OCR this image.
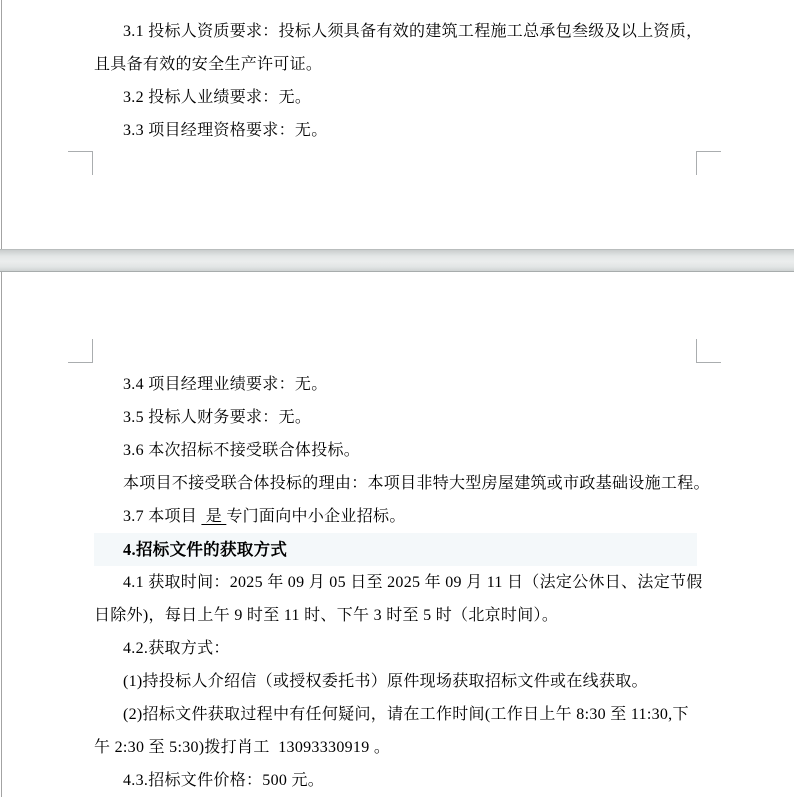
3.1 投标人资质要求：投标人须具备有效的建筑工程施工总承包叁级及以上资质，
且具备有效的安全生产许可证。
3.2 投标人业绩要求：无。
3.3 项目经理资格要求：无。
3.4 项目经理业绩要求：无。
3.5 投标人财务要求：无。
3.6 本次招标不接受联合体投标。
本项目不接受联合体投标的理由：本项目非特大型房屋建筑或市政基础设施工程。
3.7 本项目  是 专门面向中小企业招标。
4.招标文件的获取方式
4.1 获取时间：2025 年 09 月 05 日至 2025 年 09 月 11 日（法定公休日、法定节假
日除外)，每日上午 9 时至 11 时、下午 3 时至 5 时（北京时间）。
4.2.获取方式：
(1)持投标人介绍信（或授权委托书）原件现场获取招标文件或在线获取。
(2)招标文件获取过程中有任何疑问，请在工作时间(工作日上午 8:30 至 11:30,下
午 2:30 至 5:30)拨打肖工  13093330919 。
4.3.招标文件价格：500 元。
